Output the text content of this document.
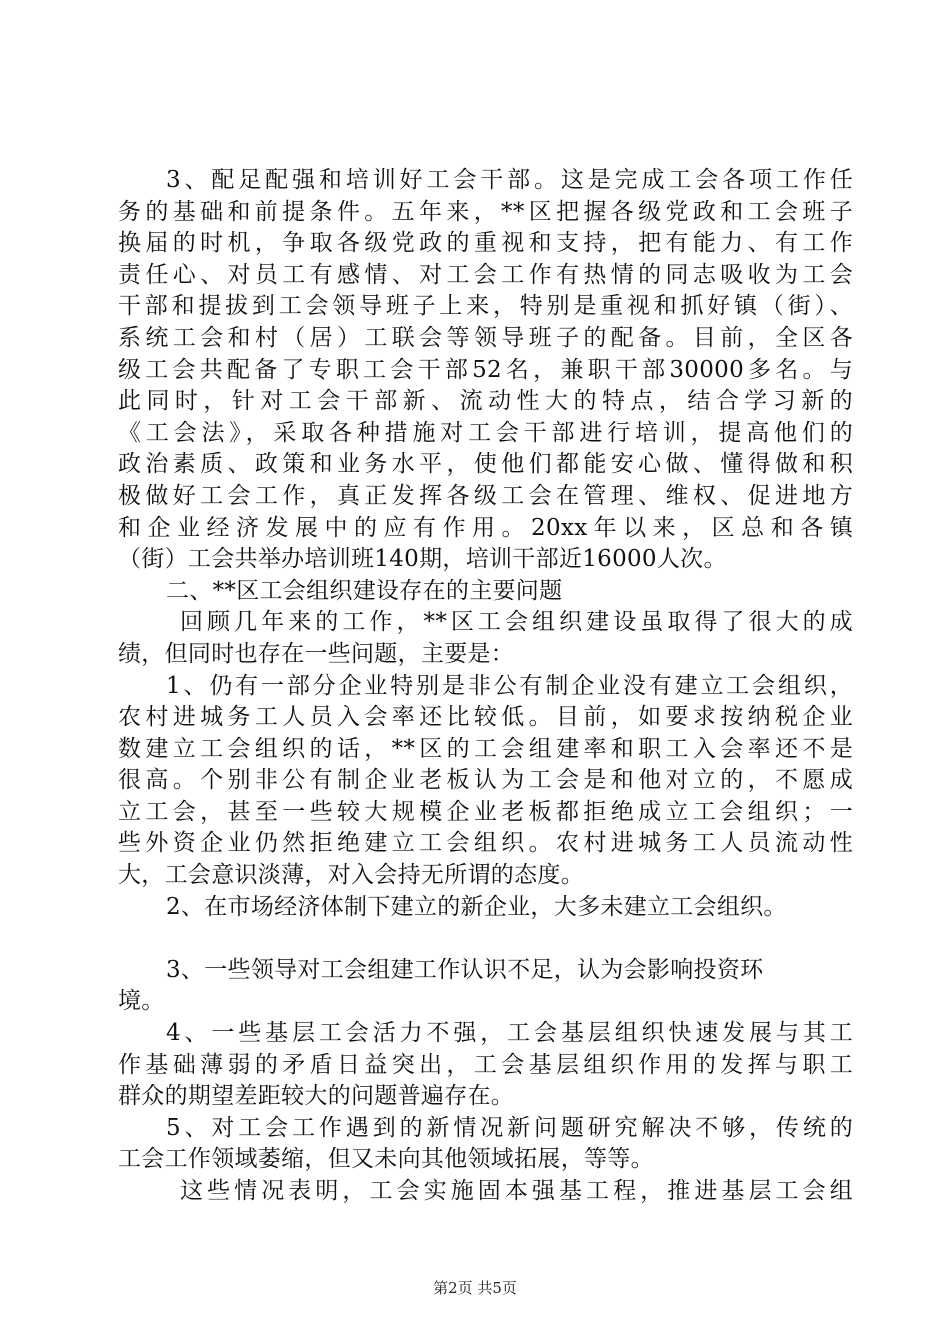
3、配足配强和培训好工会干部。这是完成工会各项工作任
务的基础和前提条件。五年来，**区把握各级党政和工会班子
换届的时机，争取各级党政的重视和支持，把有能力、有工作
责任心、对员工有感情、对工会工作有热情的同志吸收为工会
干部和提拔到工会领导班子上来，特别是重视和抓好镇（街）、
系统工会和村（居）工联会等领导班子的配备。目前，全区各
级工会共配备了专职工会干部52名，兼职干部30000多名。与
此同时，针对工会干部新、流动性大的特点，结合学习新的
《工会法》，采取各种措施对工会干部进行培训，提高他们的
政治素质、政策和业务水平，使他们都能安心做、懂得做和积
极做好工会工作，真正发挥各级工会在管理、维权、促进地方
和企业经济发展中的应有作用。20xx年以来，区总和各镇
（街）工会共举办培训班140期，培训干部近16000人次。
二、**区工会组织建设存在的主要问题
回顾几年来的工作，**区工会组织建设虽取得了很大的成
绩，但同时也存在一些问题，主要是：
1、仍有一部分企业特别是非公有制企业没有建立工会组织，
农村进城务工人员入会率还比较低。目前，如要求按纳税企业
数建立工会组织的话，**区的工会组建率和职工入会率还不是
很高。个别非公有制企业老板认为工会是和他对立的，不愿成
立工会，甚至一些较大规模企业老板都拒绝成立工会组织；一
些外资企业仍然拒绝建立工会组织。农村进城务工人员流动性
大，工会意识淡薄，对入会持无所谓的态度。
2、在市场经济体制下建立的新企业，大多未建立工会组织。
3、一些领导对工会组建工作认识不足，认为会影响投资环
境。
4、一些基层工会活力不强，工会基层组织快速发展与其工
作基础薄弱的矛盾日益突出，工会基层组织作用的发挥与职工
群众的期望差距较大的问题普遍存在。
5、对工会工作遇到的新情况新问题研究解决不够，传统的
工会工作领域萎缩，但又未向其他领域拓展，等等。
这些情况表明，工会实施固本强基工程，推进基层工会组
第2页 共5页
